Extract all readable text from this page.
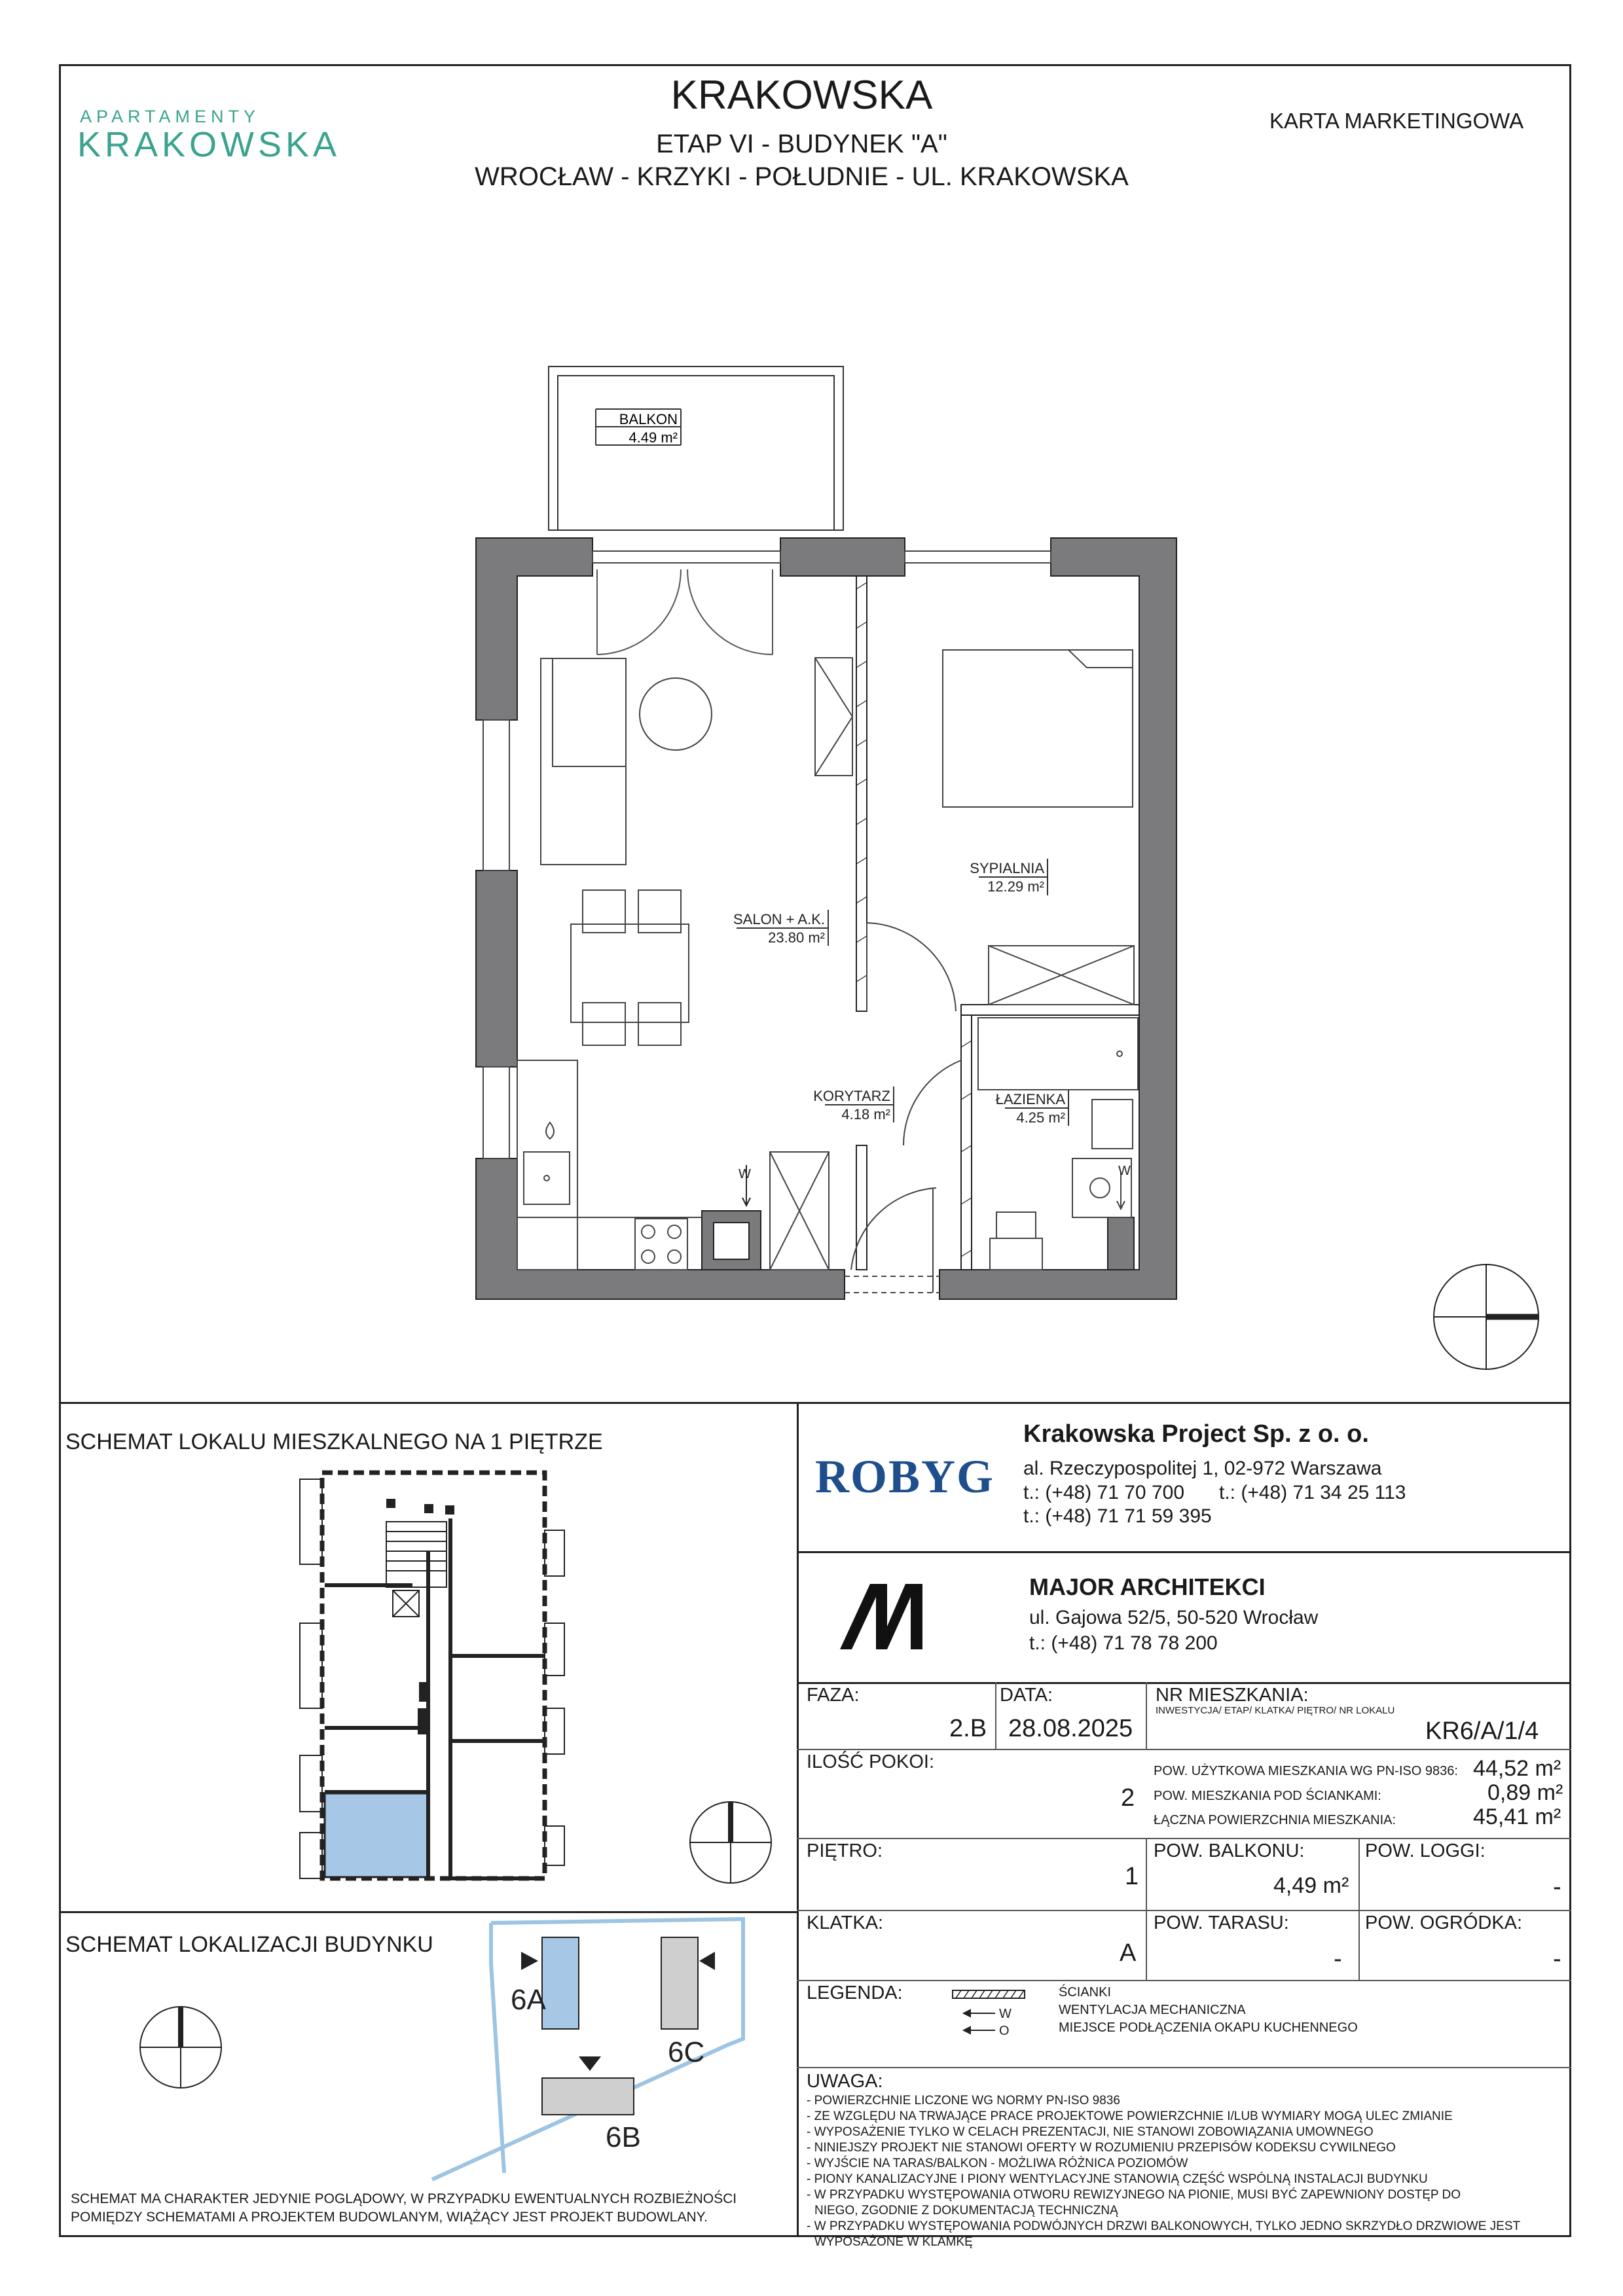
APARTAMENTY
KRAKOWSKA
KRAKOWSKA
ETAP VI - BUDYNEK "A"
WROCŁAW - KRZYKI - POŁUDNIE - UL. KRAKOWSKA
KARTA MARKETINGOWA
BALKON
4.49 m²
W	W
SALON + A.K.
23.80 m²
SYPIALNIA
12.29 m²
KORYTARZ
4.18 m²
ŁAZIENKA
4.25 m²
SCHEMAT LOKALU MIESZKALNEGO NA 1 PIĘTRZE
SCHEMAT LOKALIZACJI BUDYNKU
6A
6B
6C
SCHEMAT MA CHARAKTER JEDYNIE POGLĄDOWY, W PRZYPADKU EWENTUALNYCH ROZBIEŻNOŚCI
POMIĘDZY SCHEMATAMI A PROJEKTEM BUDOWLANYM, WIĄŻĄCY JEST PROJEKT BUDOWLANY.
ROBYG
Krakowska Project Sp. z o. o.
al. Rzeczypospolitej 1, 02-972 Warszawa
t.: (+48) 71 70 700 t.: (+48) 71 34 25 113
t.: (+48) 71 71 59 395
MAJOR ARCHITEKCI
ul. Gajowa 52/5, 50-520 Wrocław
t.: (+48) 71 78 78 200
FAZA:
2.B
DATA:
28.08.2025
NR MIESZKANIA:
INWESTYCJA/ ETAP/ KLATKA/ PIĘTRO/ NR LOKALU
KR6/A/1/4
ILOŚĆ POKOI:
2
POW. UŻYTKOWA MIESZKANIA WG PN-ISO 9836: 44,52 m²
POW. MIESZKANIA POD ŚCIANKAMI:	0,89 m²
ŁĄCZNA POWIERZCHNIA MIESZKANIA:	45,41 m²
PIĘTRO:
1
POW. BALKONU:
4,49 m²
POW. LOGGI:
-
KLATKA:
A
POW. TARASU:
-
POW. OGRÓDKA:
-
LEGENDA:
W
O
ŚCIANKI
WENTYLACJA MECHANICZNA
MIEJSCE PODŁĄCZENIA OKAPU KUCHENNEGO
UWAGA:
- POWIERZCHNIE LICZONE WG NORMY PN-ISO 9836
- ZE WZGLĘDU NA TRWAJĄCE PRACE PROJEKTOWE POWIERZCHNIE I/LUB WYMIARY MOGĄ ULEC ZMIANIE
- WYPOSAŻENIE TYLKO W CELACH PREZENTACJI, NIE STANOWI ZOBOWIĄZANIA UMOWNEGO
- NINIEJSZY PROJEKT NIE STANOWI OFERTY W ROZUMIENIU PRZEPISÓW KODEKSU CYWILNEGO
- WYJŚCIE NA TARAS/BALKON - MOŻLIWA RÓŻNICA POZIOMÓW
- PIONY KANALIZACYJNE I PIONY WENTYLACYJNE STANOWIĄ CZĘŚĆ WSPÓLNĄ INSTALACJI BUDYNKU
- W PRZYPADKU WYSTĘPOWANIA OTWORU REWIZYJNEGO NA PIONIE, MUSI BYĆ ZAPEWNIONY DOSTĘP DO
NIEGO, ZGODNIE Z DOKUMENTACJĄ TECHNICZNĄ
- W PRZYPADKU WYSTĘPOWANIA PODWÓJNYCH DRZWI BALKONOWYCH, TYLKO JEDNO SKRZYDŁO DRZWIOWE JEST
WYPOSAŻONE W KLAMKĘ
